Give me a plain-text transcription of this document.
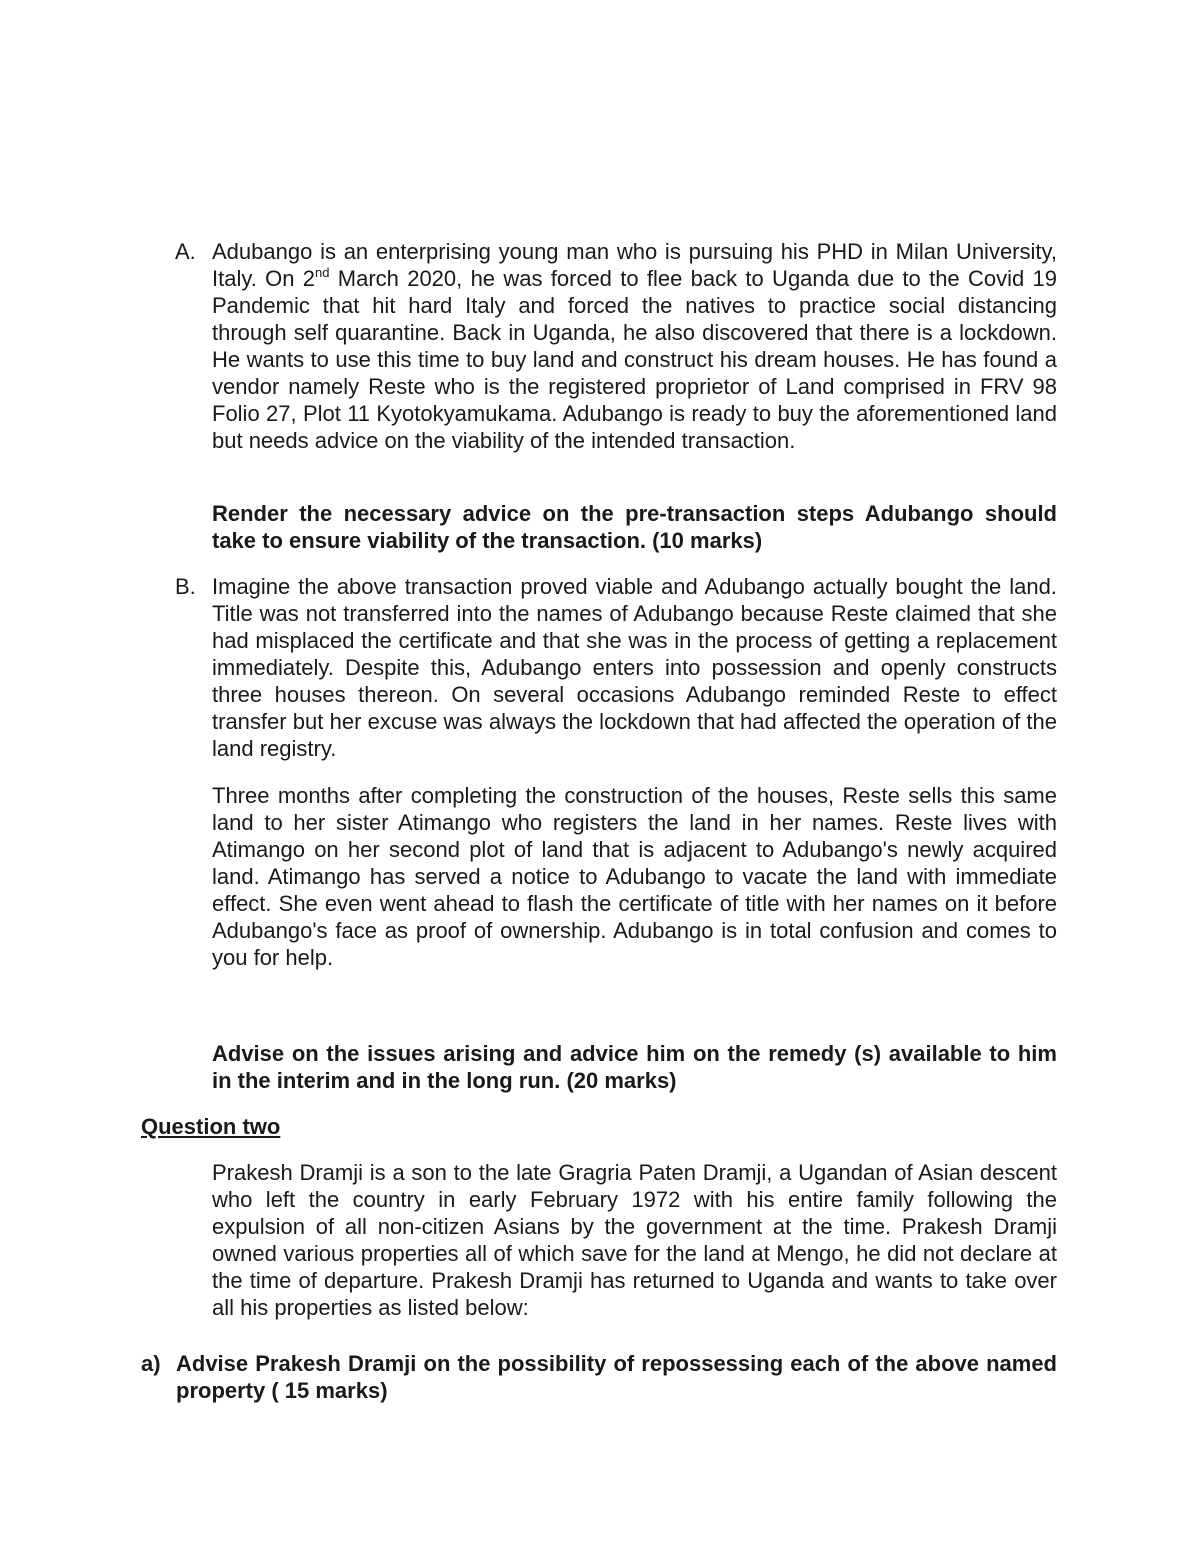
A. Adubango is an enterprising young man who is pursuing his PHD in Milan University, Italy. On 2nd March 2020, he was forced to flee back to Uganda due to the Covid 19 Pandemic that hit hard Italy and forced the natives to practice social distancing through self quarantine. Back in Uganda, he also discovered that there is a lockdown. He wants to use this time to buy land and construct his dream houses. He has found a vendor namely Reste who is the registered proprietor of Land comprised in FRV 98 Folio 27, Plot 11 Kyotokyamukama. Adubango is ready to buy the aforementioned land but needs advice on the viability of the intended transaction.
Render the necessary advice on the pre-transaction steps Adubango should take to ensure viability of the transaction. (10 marks)
B. Imagine the above transaction proved viable and Adubango actually bought the land. Title was not transferred into the names of Adubango because Reste claimed that she had misplaced the certificate and that she was in the process of getting a replacement immediately. Despite this, Adubango enters into possession and openly constructs three houses thereon. On several occasions Adubango reminded Reste to effect transfer but her excuse was always the lockdown that had affected the operation of the land registry.
Three months after completing the construction of the houses, Reste sells this same land to her sister Atimango who registers the land in her names. Reste lives with Atimango on her second plot of land that is adjacent to Adubango's newly acquired land. Atimango has served a notice to Adubango to vacate the land with immediate effect. She even went ahead to flash the certificate of title with her names on it before Adubango's face as proof of ownership. Adubango is in total confusion and comes to you for help.
Advise on the issues arising and advice him on the remedy (s) available to him in the interim and in the long run. (20 marks)
Question two
Prakesh Dramji is a son to the late Gragria Paten Dramji, a Ugandan of Asian descent who left the country in early February 1972 with his entire family following the expulsion of all non-citizen Asians by the government at the time. Prakesh Dramji owned various properties all of which save for the land at Mengo, he did not declare at the time of departure. Prakesh Dramji has returned to Uganda and wants to take over all his properties as listed below:
a) Advise Prakesh Dramji on the possibility of repossessing each of the above named property ( 15 marks)
